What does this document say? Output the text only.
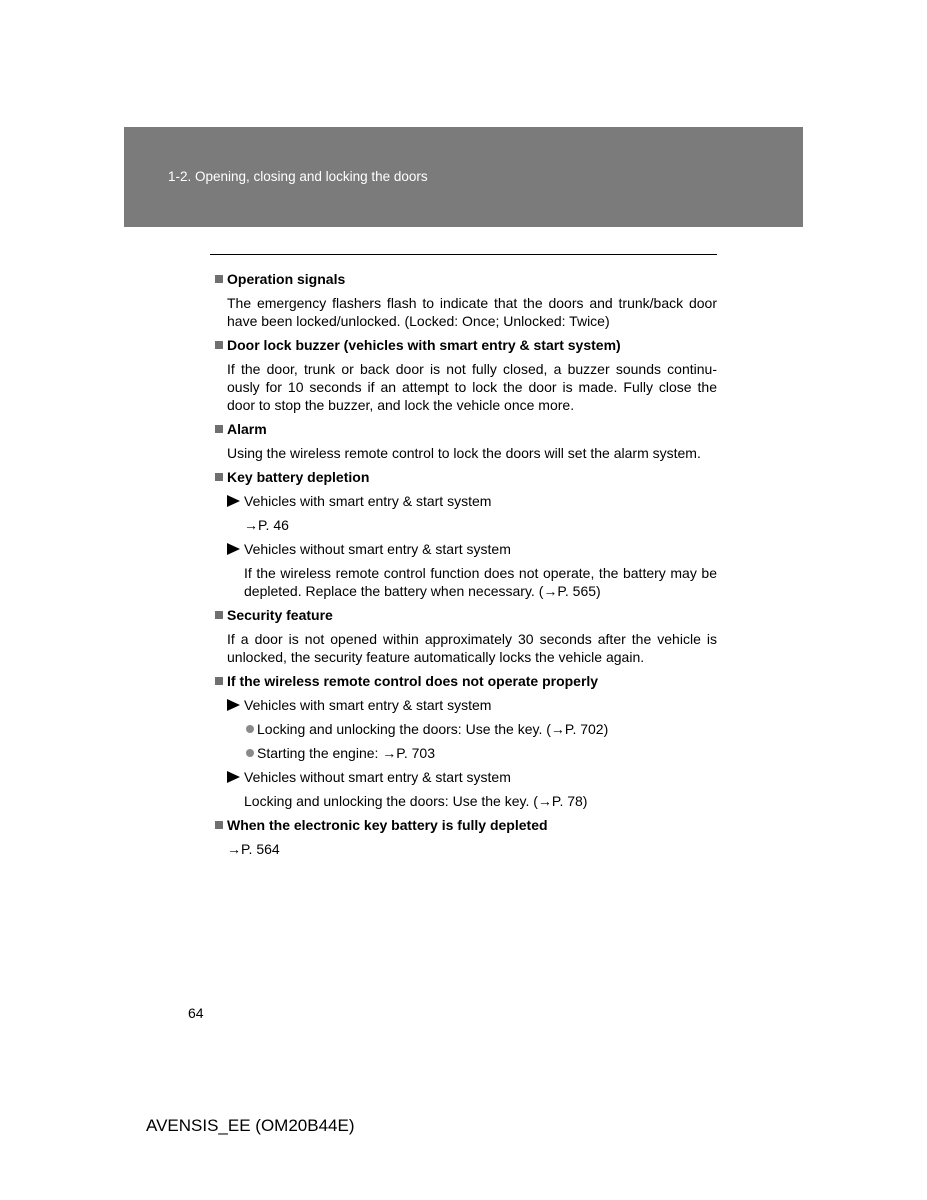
1-2. Opening, closing and locking the doors
Operation signals
The emergency flashers flash to indicate that the doors and trunk/back door have been locked/unlocked. (Locked: Once; Unlocked: Twice)
Door lock buzzer (vehicles with smart entry & start system)
If the door, trunk or back door is not fully closed, a buzzer sounds continu- ously for 10 seconds if an attempt to lock the door is made. Fully close the door to stop the buzzer, and lock the vehicle once more.
Alarm
Using the wireless remote control to lock the doors will set the alarm system.
Key battery depletion
Vehicles with smart entry & start system
→P. 46
Vehicles without smart entry & start system
If the wireless remote control function does not operate, the battery may be depleted. Replace the battery when necessary. (→P. 565)
Security feature
If a door is not opened within approximately 30 seconds after the vehicle is unlocked, the security feature automatically locks the vehicle again.
If the wireless remote control does not operate properly
Vehicles with smart entry & start system
Locking and unlocking the doors: Use the key. (→P. 702)
Starting the engine: →P. 703
Vehicles without smart entry & start system
Locking and unlocking the doors: Use the key. (→P. 78)
When the electronic key battery is fully depleted
→P. 564
64
AVENSIS_EE (OM20B44E)
